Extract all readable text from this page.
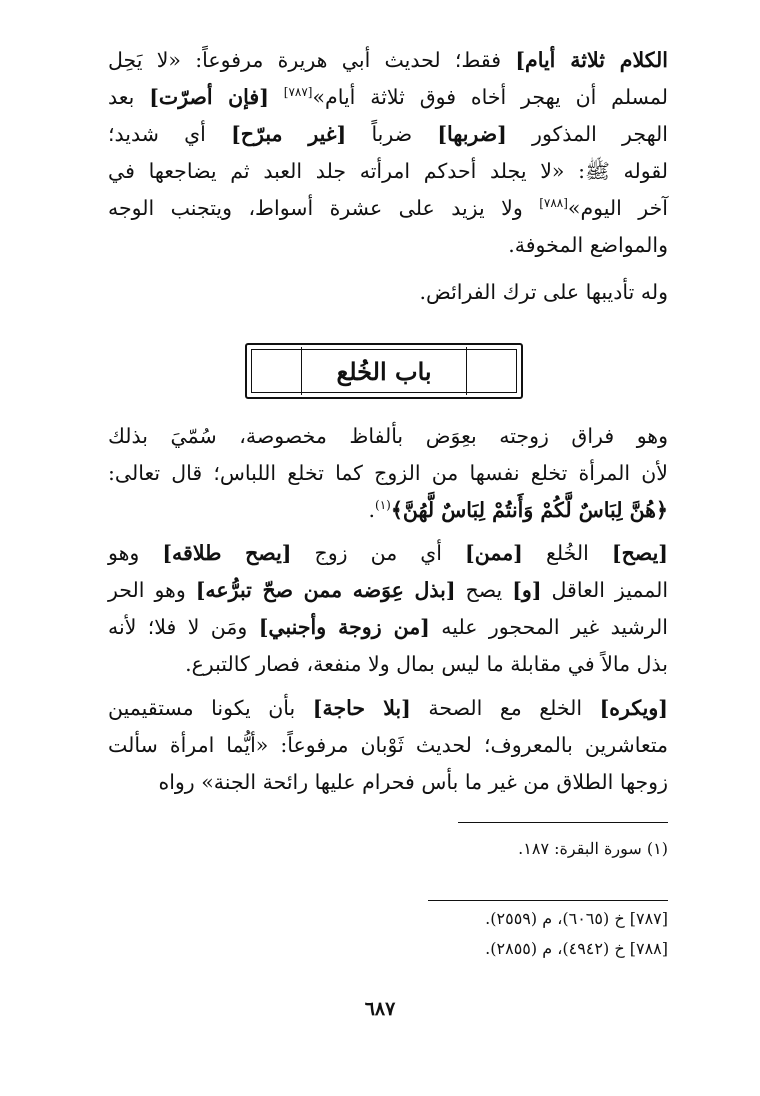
الكلام ثلاثة أيام] فقط؛ لحديث أبي هريرة مرفوعاً: «لا يَحِل
لمسلم أن يهجر أخاه فوق ثلاثة أيام»[٧٨٧] [فإن أصرّت] بعد
الهجر المذكور [ضربها] ضرباً [غير مبرّح] أي شديد؛
لقوله ﷺ: «لا يجلد أحدكم امرأته جلد العبد ثم يضاجعها في
آخر اليوم»[٧٨٨] ولا يزيد على عشرة أسواط، ويتجنب الوجه
والمواضع المخوفة.
وله تأديبها على ترك الفرائض.
باب الخُلع
وهو فراق زوجته بعِوَض بألفاظ مخصوصة، سُمّيَ بذلك
لأن المرأة تخلع نفسها من الزوج كما تخلع اللباس؛ قال تعالى:
﴿هُنَّ لِبَاسٌ لَّكُمْ وَأَنتُمْ لِبَاسٌ لَّهُنَّ﴾$^{(١)}$.
[يصح] الخُلع [ممن] أي من زوج [يصح طلاقه] وهو
المميز العاقل [و] يصح [بذل عِوَضه ممن صحّ تبرُّعه] وهو الحر
الرشيد غير المحجور عليه [من زوجة وأجنبي] ومَن لا فلا؛ لأنه
بذل مالاً في مقابلة ما ليس بمال ولا منفعة، فصار كالتبرع.
[ويكره] الخلع مع الصحة [بلا حاجة] بأن يكونا مستقيمين
متعاشرين بالمعروف؛ لحديث ثَوْبان مرفوعاً: «أيُّما امرأة سألت
زوجها الطلاق من غير ما بأس فحرام عليها رائحة الجنة» رواه
(١) سورة البقرة: ١٨٧.
[٧٨٧] خ (٦٠٦٥)، م (٢٥٥٩).
[٧٨٨] خ (٤٩٤٢)، م (٢٨٥٥).
٦٨٧
